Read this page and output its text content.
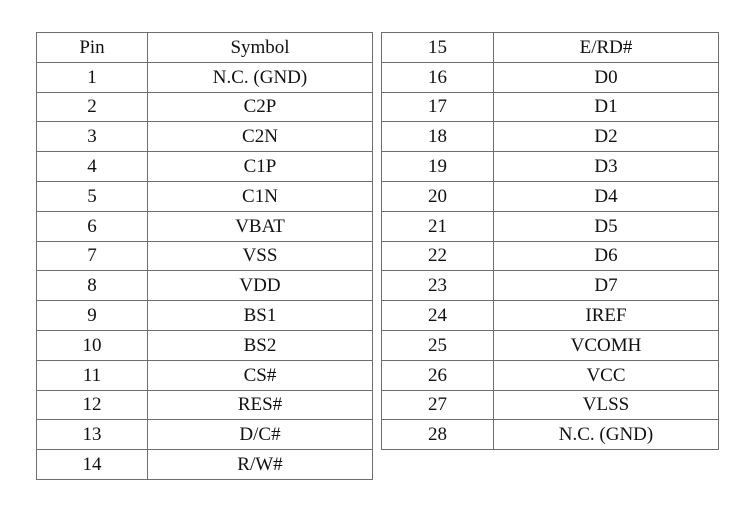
Pin	Symbol
1	N.C. (GND)
2	C2P
3	C2N
4	C1P
5	C1N
6	VBAT
7	VSS
8	VDD
9	BS1
10	BS2
11	CS#
12	RES#
13	D/C#
14	R/W#
15	E/RD#
16	D0
17	D1
18	D2
19	D3
20	D4
21	D5
22	D6
23	D7
24	IREF
25	VCOMH
26	VCC
27	VLSS
28	N.C. (GND)
